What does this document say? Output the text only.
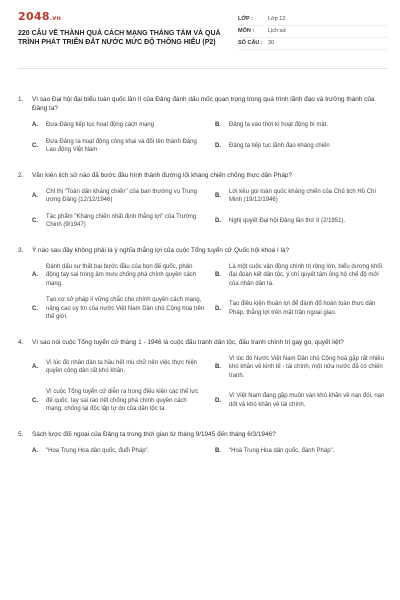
2048.vn
220 CÂU VỀ THÀNH QUẢ CÁCH MẠNG THÁNG TÁM VÀ QUÁ TRÌNH PHÁT TRIỂN ĐẤT NƯỚC MỨC ĐỘ THÔNG HIỂU (P2)
LỚP :	Lớp 12
MÔN :	Lịch sử
SỐ CÂU : 30
1.	Vì sao Đại hội đại biểu toàn quốc lần II của Đảng đánh dấu mốc quan trọng trong quá trình lãnh đạo và trưởng thành của Đảng ta?
A.	Đưa Đảng tiếp tục hoạt động cách mạng	B.	Đảng ta vào thời kì hoạt động bí mật.
C.
Đưa Đảng ra hoạt động công khai và đổi tên thành Đảng Lao động Việt Nam
D.	Đảng ta tiếp tục lãnh đạo kháng chiến
2.	Văn kiện lịch sử nào đã bước đầu hình thành đường lối kháng chiến chống thực dân Pháp?
A.
Chỉ thị "Toàn dân kháng chiến" của ban thường vụ Trung ương Đảng (12/12/1946)
B.
Lời kêu gọi toàn quốc kháng chiến của Chủ tịch Hồ Chí Minh (19/12/1946)
C.
Tác phẩm "Kháng chiến nhất định thắng lợi" của Trường Chinh (9/1947)
D.	Nghị quyết Đại hội Đảng lần thứ II (2/1951).
3.	Ý nào sau đây không phải là ý nghĩa thắng lợi của cuộc Tổng tuyển cử Quốc hội khoá I là?
A.
Đánh dấu sự thất bại bước đầu của bọn đế quốc, phản động tay sai trong âm mưu chống phá chính quyền cách mạng.
B.
Là một cuộc vận động chính trị rộng lớn, biểu dương khối đại đoàn kết dân tộc, ý chí quyết tâm ủng hộ chế độ mới của nhân dân ta.
C.
Tạo cơ sở pháp lí vững chắc cho chính quyền cách mạng, nâng cao uy tín của nước Việt Nam Dân chủ Cộng hoà trên thế giới.
D.
Tạo điều kiện thuận lợi để đánh đổ hoàn toàn thực dân Pháp, thắng lợi trên mặt trận ngoại giao.
4.	Vì sao nói cuộc Tổng tuyển cử tháng 1 - 1946 là cuộc đấu tranh dân tộc, đấu tranh chính trị gay go, quyết liệt?
A.
Vì lúc đó nhân dân ta hầu hết mù chữ nên việc thực hiện quyền công dân rất khó khăn.
B.
Vì lúc đó Nước Việt Nam Dân chủ Cộng hoà gặp rất nhiều khó khăn về kinh tế - tài chính, một nửa nước đã có chiến tranh.
C.
Vì cuộc Tổng tuyển cử diễn ra trong điều kiện các thế lực đế quốc, tay sai ráo riết chống phá chính quyền cách mạng, chống lại độc lập tự do của dân tộc ta.
D.
Vì Việt Nam đang gặp muôn vàn khó khăn về nạn đói, nạn dốt và khó khăn về tài chính.
5.	Sách lược đối ngoại của Đảng ta trong thời gian từ tháng 9/1945 đến tháng 6/3/1946?
A.	"Hoa Trung Hoa dân quốc, đuổi Pháp".	B.	"Hoà Trung Hoa dân quốc, đánh Pháp".
